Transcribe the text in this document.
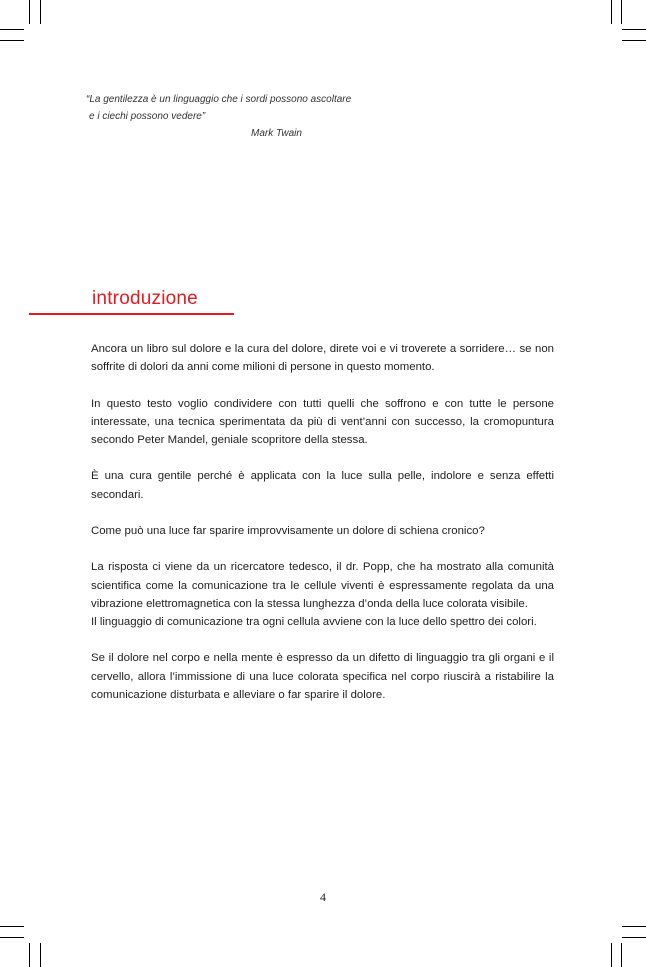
“La gentilezza è un linguaggio che i sordi possono ascoltare
e i ciechi possono vedere”
Mark Twain
introduzione

Ancora un libro sul dolore e la cura del dolore, direte voi e vi troverete a sorridere… se non soffrite di dolori da anni come milioni di persone in questo momento.

In questo testo voglio condividere con tutti quelli che soffrono e con tutte le persone interessate, una tecnica sperimentata da più di vent’anni con successo, la cromopuntura secondo Peter Mandel, geniale scopritore della stessa.

È una cura gentile perché è applicata con la luce sulla pelle, indolore e senza effetti secondari.

Come può una luce far sparire improvvisamente un dolore di schiena cronico?

La risposta ci viene da un ricercatore tedesco, il dr. Popp, che ha mostrato alla comunità scientifica come la comunicazione tra le cellule viventi è espressamente regolata da una vibrazione elettromagnetica con la stessa lunghezza d’onda della luce colorata visibile.

Il linguaggio di comunicazione tra ogni cellula avviene con la luce dello spettro dei colori.

Se il dolore nel corpo e nella mente è espresso da un difetto di linguaggio tra gli organi e il cervello, allora l’immissione di una luce colorata specifica nel corpo riuscirà a ristabilire la comunicazione disturbata e alleviare o far sparire il dolore.

4
